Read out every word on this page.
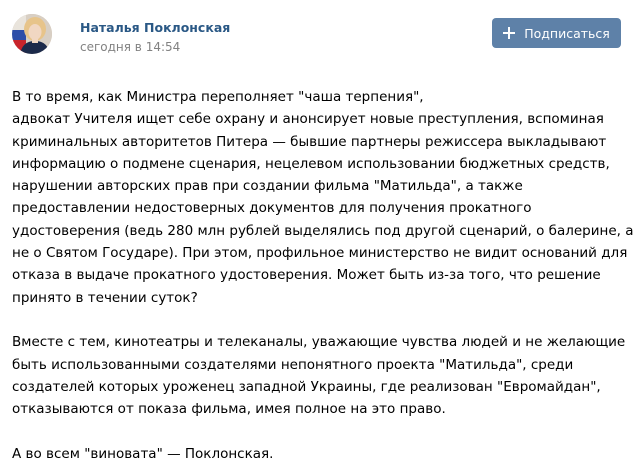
Наталья Поклонская
сегодня в 14:54
Подписаться

В то время, как Министра переполняет "чаша терпения",

адвокат Учителя ищет себе охрану и анонсирует новые преступления, вспоминая

криминальных авторитетов Питера — бывшие партнеры режиссера выкладывают

информацию о подмене сценария, нецелевом использовании бюджетных средств,

нарушении авторских прав при создании фильма "Матильда", а также

предоставлении недостоверных документов для получения прокатного

удостоверения (ведь 280 млн рублей выделялись под другой сценарий, о балерине, а

не о Святом Государе). При этом, профильное министерство не видит оснований для

отказа в выдаче прокатного удостоверения. Может быть из-за того, что решение

принято в течении суток?

Вместе с тем, кинотеатры и телеканалы, уважающие чувства людей и не желающие

быть использованными создателями непонятного проекта "Матильда", среди

создателей которых уроженец западной Украины, где реализован "Евромайдан",

отказываются от показа фильма, имея полное на это право.

А во всем "виновата" — Поклонская.
